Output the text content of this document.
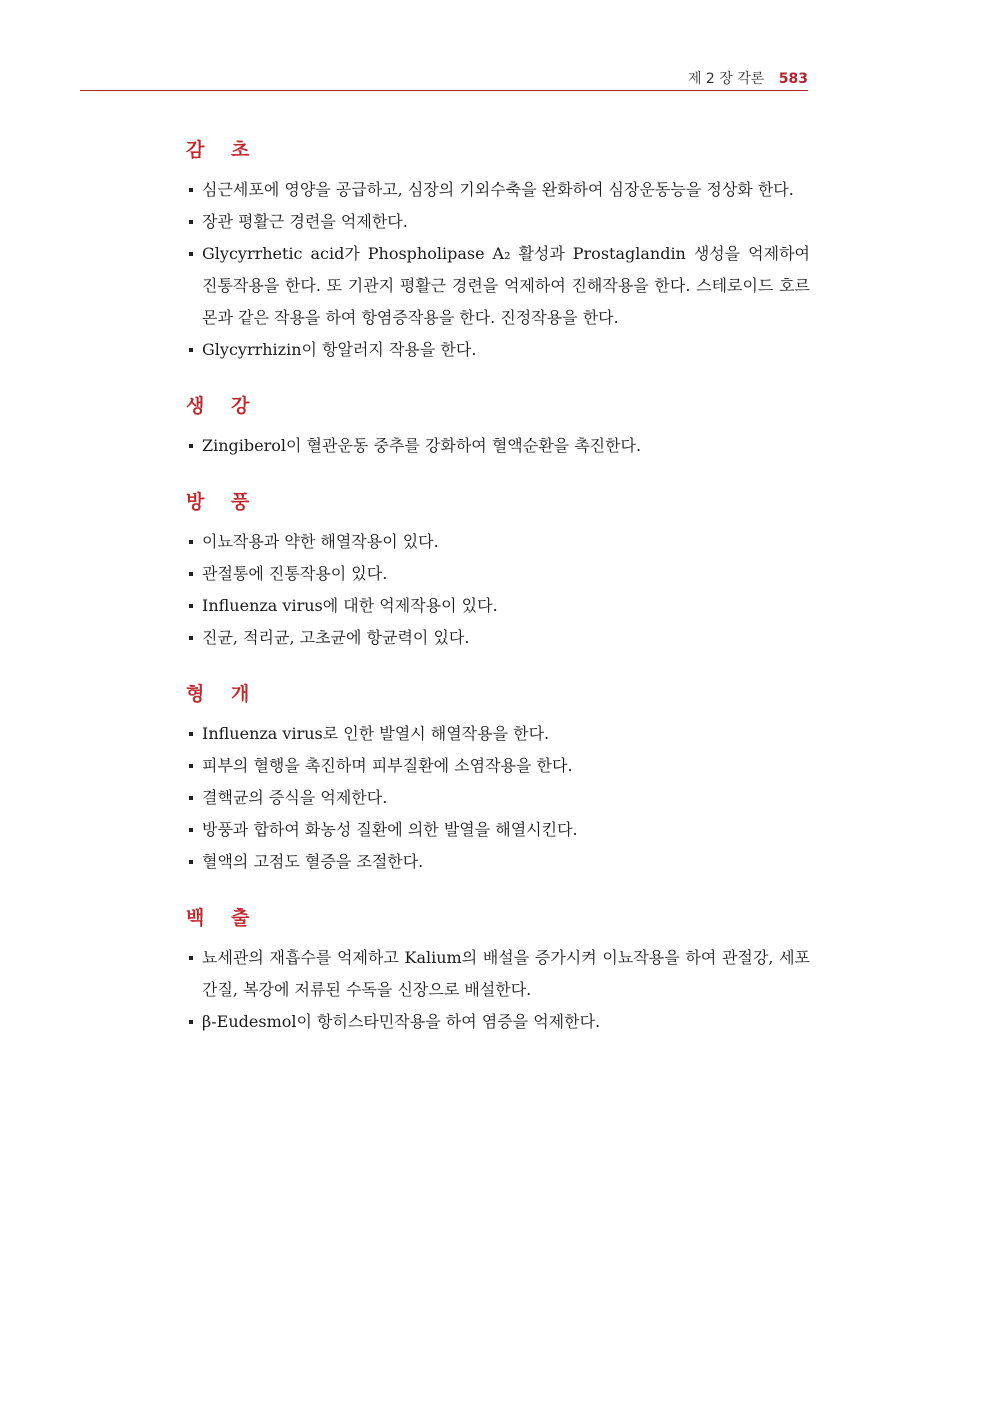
제 2 장 각론 583
감 초
심근세포에 영양을 공급하고, 심장의 기외수축을 완화하여 심장운동능을 정상화 한다.
장관 평활근 경련을 억제한다.
Glycyrrhetic acid가 Phospholipase A₂ 활성과 Prostaglandin 생성을 억제하여 진통작용을 한다. 또 기관지 평활근 경련을 억제하여 진해작용을 한다. 스테로이드 호르몬과 같은 작용을 하여 항염증작용을 한다. 진정작용을 한다.
Glycyrrhizin이 항알러지 작용을 한다.
생 강
Zingiberol이 혈관운동 중추를 강화하여 혈액순환을 촉진한다.
방 풍
이뇨작용과 약한 해열작용이 있다.
관절통에 진통작용이 있다.
Influenza virus에 대한 억제작용이 있다.
진균, 적리균, 고초균에 항균력이 있다.
형 개
Influenza virus로 인한 발열시 해열작용을 한다.
피부의 혈행을 촉진하며 피부질환에 소염작용을 한다.
결핵균의 증식을 억제한다.
방풍과 합하여 화농성 질환에 의한 발열을 해열시킨다.
혈액의 고점도 혈증을 조절한다.
백 출
뇨세관의 재흡수를 억제하고 Kalium의 배설을 증가시켜 이뇨작용을 하여 관절강, 세포간질, 복강에 저류된 수독을 신장으로 배설한다.
β-Eudesmol이 항히스타민작용을 하여 염증을 억제한다.
